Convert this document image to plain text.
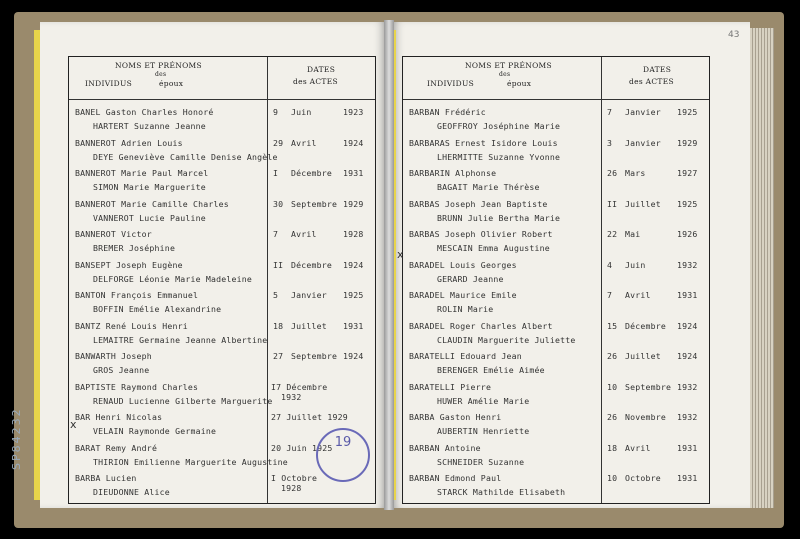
NOMS ET PRÉNOMS
des
INDIVIDUS	époux
DATES
des ACTES
BANEL Gaston Charles Honoré
HARTERT Suzanne Jeanne
9 Juin	1923
BANNEROT Adrien Louis
DEYE Geneviève Camille Denise Angèle
29 Avril	1924
BANNEROT Marie Paul Marcel
SIMON Marie Marguerite
I Décembre 1931
BANNEROT Marie Camille Charles
VANNEROT Lucie Pauline
30 Septembre 1929
BANNEROT Victor
BREMER Joséphine
7 Avril	1928
BANSEPT Joseph Eugène
DELFORGE Léonie Marie Madeleine
II Décembre 1924
BANTON François Emmanuel
BOFFIN Emélie Alexandrine
5 Janvier 1925
BANTZ René Louis Henri
LEMAITRE Germaine Jeanne Albertine
18 Juillet 1931
BANWARTH Joseph
GROS Jeanne
27 Septembre 1924
BAPTISTE Raymond Charles
RENAUD Lucienne Gilberte Marguerite
I7 Décembre
1932
BAR Henri Nicolas
VELAIN Raymonde Germaine
27 Juillet 1929
BARAT Remy André
THIRION Emilienne Marguerite Augustine
20 Juin 1925
BARBA Lucien
DIEUDONNE Alice
I Octobre
1928
NOMS ET PRÉNOMS
des
INDIVIDUS	époux
DATES
des ACTES
BARBAN Frédéric
GEOFFROY Joséphine Marie
7 Janvier 1925
BARBARAS Ernest Isidore Louis
LHERMITTE Suzanne Yvonne
3 Janvier 1929
BARBARIN Alphonse
BAGAIT Marie Thérèse
26 Mars	1927
BARBAS Joseph Jean Baptiste
BRUNN Julie Bertha Marie
II Juillet 1925
BARBAS Joseph Olivier Robert
MESCAIN Emma Augustine
22 Mai	1926
BARADEL Louis Georges
GERARD Jeanne
4 Juin	1932
BARADEL Maurice Emile
ROLIN Marie
7 Avril	1931
BARADEL Roger Charles Albert
CLAUDIN Marguerite Juliette
15 Décembre 1924
BARATELLI Edouard Jean
BERENGER Emélie Aimée
26 Juillet 1924
BARATELLI Pierre
HUWER Amélie Marie
10 Septembre 1932
BARBA Gaston Henri
AUBERTIN Henriette
26 Novembre 1932
BARBAN Antoine
SCHNEIDER Suzanne
18 Avril	1931
BARBAN Edmond Paul
STARCK Mathilde Elisabeth
10 Octobre 1931
19
SP84232
43
x
x
